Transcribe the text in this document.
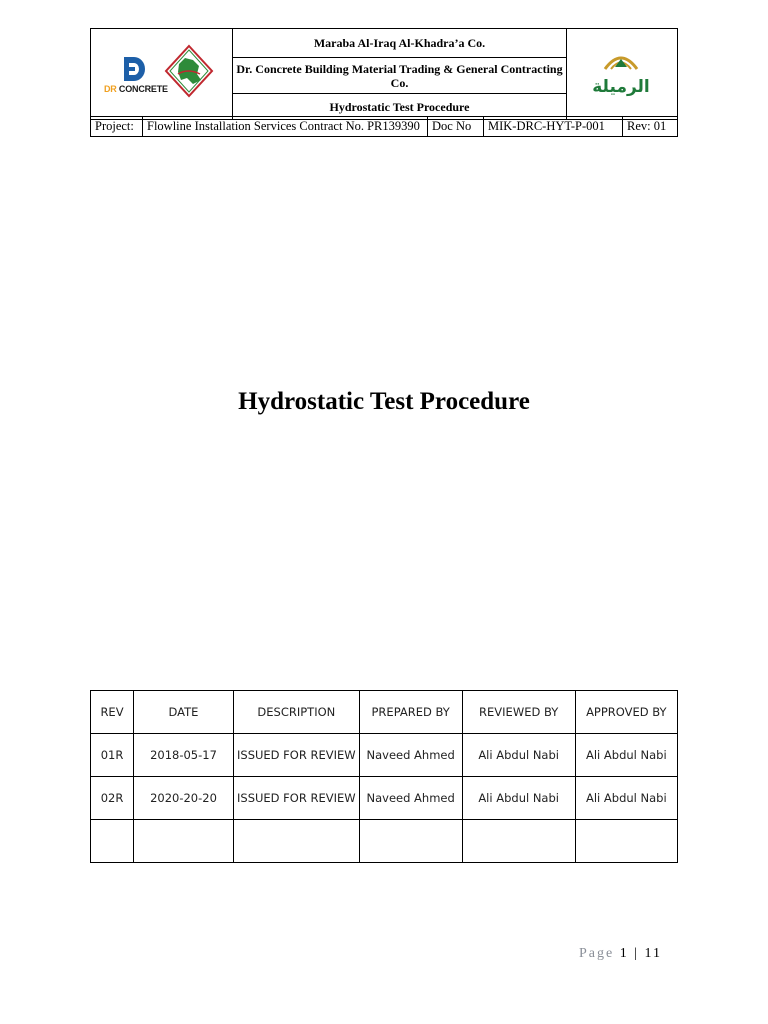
DR CONCRETE
	Maraba Al-Iraq Al-Khadra’a Co.	
الرميلة

Dr. Concrete Building Material Trading & General Contracting Co.
Hydrostatic Test Procedure
Project:	Flowline Installation Services Contract No. PR139390	Doc No	MIK-DRC-HYT-P-001	Rev: 01
Hydrostatic Test Procedure
REV	DATE	DESCRIPTION	PREPARED BY	REVIEWED BY	APPROVED BY
01R	2018-05-17	ISSUED FOR REVIEW	Naveed Ahmed	Ali Abdul Nabi	Ali Abdul Nabi
02R	2020-20-20	ISSUED FOR REVIEW	Naveed Ahmed	Ali Abdul Nabi	Ali Abdul Nabi

Page 1 | 11
